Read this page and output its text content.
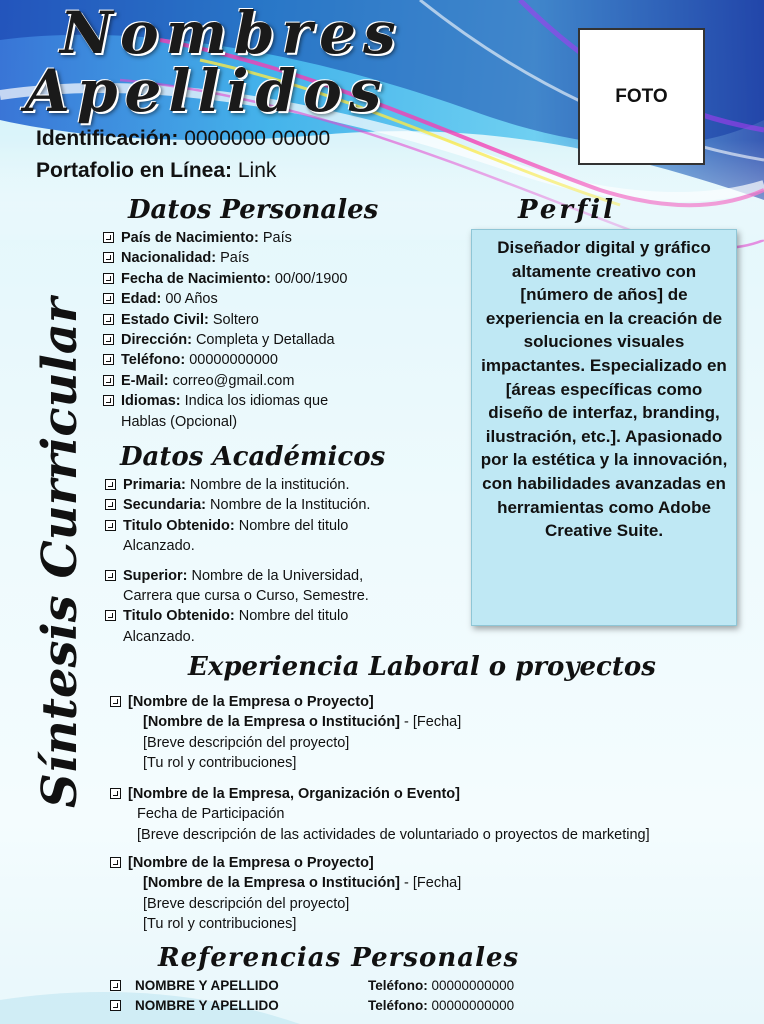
Nombres
Apellidos	FOTO
Identificación: 0000000 00000
Portafolio en Línea: Link
Síntesis Curricular
Datos Personales
País de Nacimiento: País
Nacionalidad: País
Fecha de Nacimiento: 00/00/1900
Edad: 00 Años
Estado Civil: Soltero
Dirección: Completa y Detallada
Teléfono: 00000000000
E-Mail: correo@gmail.com
Idiomas: Indica los idiomas que
Hablas (Opcional)
Perfil
Diseñador digital y gráfico altamente creativo con [número de años] de experiencia en la creación de soluciones visuales impactantes. Especializado en [áreas específicas como diseño de interfaz, branding, ilustración, etc.]. Apasionado por la estética y la innovación, con habilidades avanzadas en herramientas como Adobe Creative Suite.
Datos Académicos
Primaria: Nombre de la institución.
Secundaria: Nombre de la Institución.
Titulo Obtenido: Nombre del titulo
Alcanzado.
Superior: Nombre de la Universidad,
Carrera que cursa o Curso, Semestre.
Titulo Obtenido: Nombre del titulo
Alcanzado.
Experiencia Laboral o proyectos
[Nombre de la Empresa o Proyecto]
[Nombre de la Empresa o Institución] - [Fecha]
[Breve descripción del proyecto]
[Tu rol y contribuciones]
[Nombre de la Empresa, Organización o Evento]
Fecha de Participación
[Breve descripción de las actividades de voluntariado o proyectos de marketing]
[Nombre de la Empresa o Proyecto]
[Nombre de la Empresa o Institución] - [Fecha]
[Breve descripción del proyecto]
[Tu rol y contribuciones]
Referencias Personales
NOMBRE Y APELLIDO	Teléfono: 00000000000
NOMBRE Y APELLIDO	Teléfono: 00000000000
